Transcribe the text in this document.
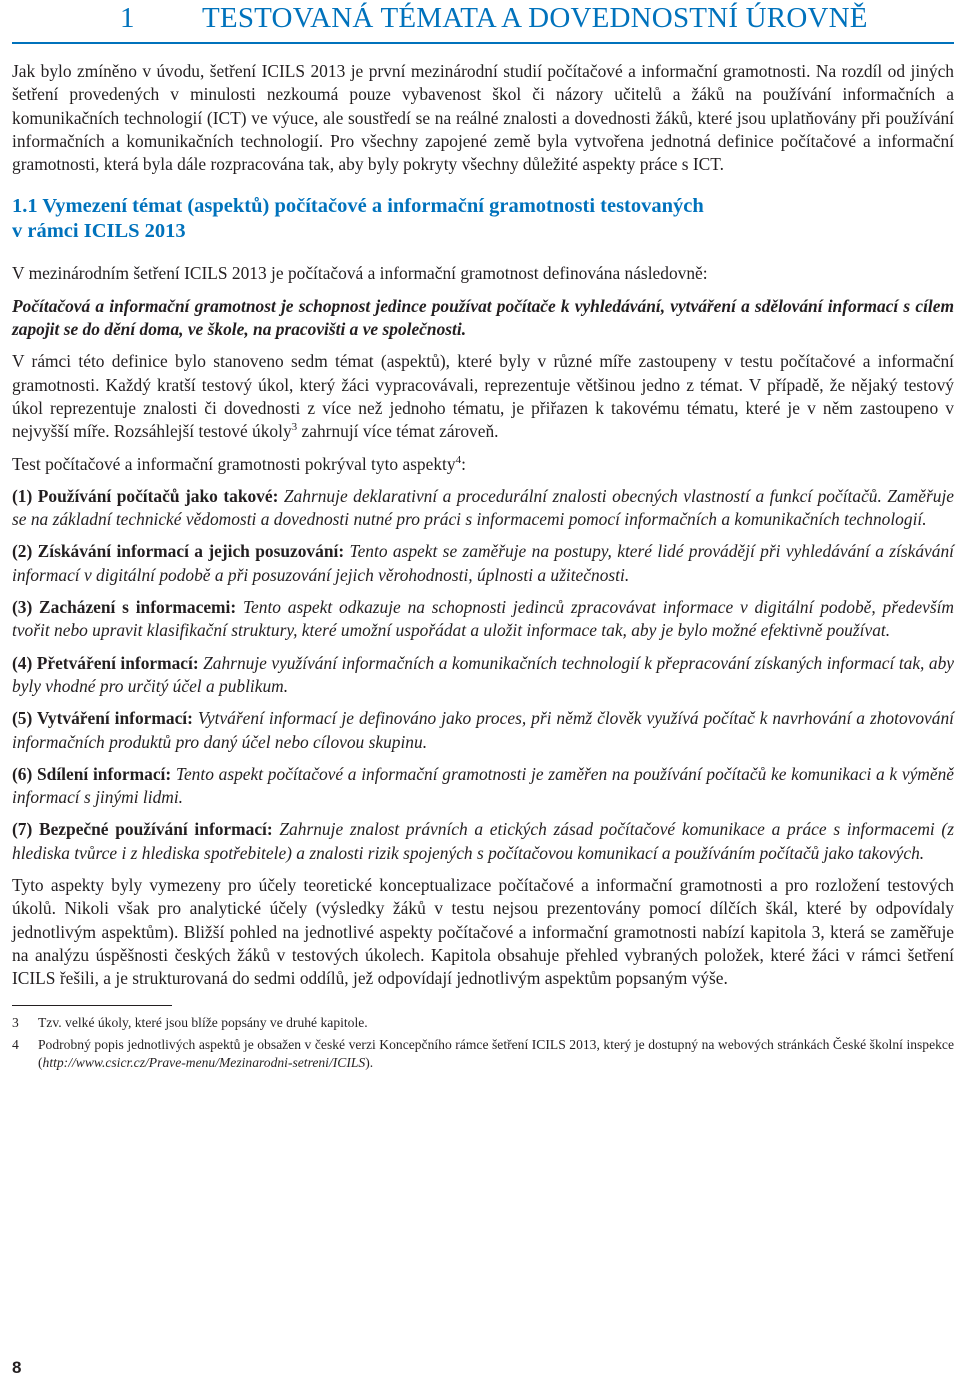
1	TESTOVANÁ TÉMATA A DOVEDNOSTNÍ ÚROVNĚ

Jak bylo zmíněno v úvodu, šetření ICILS 2013 je první mezinárodní studií počítačové a informační gramotnosti. Na rozdíl od jiných šetření provedených v minulosti nezkoumá pouze vybavenost škol či názory učitelů a žáků na používání informačních a komunikačních technologií (ICT) ve výuce, ale soustředí se na reálné znalosti a dovednosti žáků, které jsou uplatňovány při používání informačních a komunikačních technologií. Pro všechny zapojené země byla vytvořena jednotná definice počítačové a informační gramotnosti, která byla dále rozpracována tak, aby byly pokryty všechny důležité aspekty práce s ICT.

1.1 Vymezení témat (aspektů) počítačové a informační gramotnosti testovaných
v rámci ICILS 2013

V mezinárodním šetření ICILS 2013 je počítačová a informační gramotnost definována následovně:

Počítačová a informační gramotnost je schopnost jedince používat počítače k vyhledávání, vytváření a sdělování informací s cílem zapojit se do dění doma, ve škole, na pracovišti a ve společnosti.

V rámci této definice bylo stanoveno sedm témat (aspektů), které byly v různé míře zastoupeny v testu počítačové a informační gramotnosti. Každý kratší testový úkol, který žáci vypracovávali, reprezentuje většinou jedno z témat. V případě, že nějaký testový úkol reprezentuje znalosti či dovednosti z více než jednoho tématu, je přiřazen k takovému tématu, které je v něm zastoupeno v nejvyšší míře. Rozsáhlejší testové úkoly$^3$ zahrnují více témat zároveň.

Test počítačové a informační gramotnosti pokrýval tyto aspekty$^4$:

(1) Používání počítačů jako takové: Zahrnuje deklarativní a procedurální znalosti obecných vlastností a funkcí počítačů. Zaměřuje se na základní technické vědomosti a dovednosti nutné pro práci s informacemi pomocí informačních a komunikačních technologií.

(2) Získávání informací a jejich posuzování: Tento aspekt se zaměřuje na postupy, které lidé provádějí při vyhledávání a získávání informací v digitální podobě a při posuzování jejich věrohodnosti, úplnosti a užitečnosti.

(3) Zacházení s informacemi: Tento aspekt odkazuje na schopnosti jedinců zpracovávat informace v digitální podobě, především tvořit nebo upravit klasifikační struktury, které umožní uspořádat a uložit informace tak, aby je bylo možné efektivně používat.

(4) Přetváření informací: Zahrnuje využívání informačních a komunikačních technologií k přepracování získaných informací tak, aby byly vhodné pro určitý účel a publikum.

(5) Vytváření informací: Vytváření informací je definováno jako proces, při němž člověk využívá počítač k navrhování a zhotovování informačních produktů pro daný účel nebo cílovou skupinu.

(6) Sdílení informací: Tento aspekt počítačové a informační gramotnosti je zaměřen na používání počítačů ke komunikaci a k výměně informací s jinými lidmi.

(7) Bezpečné používání informací: Zahrnuje znalost právních a etických zásad počítačové komunikace a práce s informacemi (z hlediska tvůrce i z hlediska spotřebitele) a znalosti rizik spojených s počítačovou komunikací a používáním počítačů jako takových.

Tyto aspekty byly vymezeny pro účely teoretické konceptualizace počítačové a informační gramotnosti a pro rozložení testových úkolů. Nikoli však pro analytické účely (výsledky žáků v testu nejsou prezentovány pomocí dílčích škál, které by odpovídaly jednotlivým aspektům). Bližší pohled na jednotlivé aspekty počítačové a informační gramotnosti nabízí kapitola 3, která se zaměřuje na analýzu úspěšnosti českých žáků v testových úkolech. Kapitola obsahuje přehled vybraných položek, které žáci v rámci šetření ICILS řešili, a je strukturovaná do sedmi oddílů, jež odpovídají jednotlivým aspektům popsaným výše.

3	Tzv. velké úkoly, které jsou blíže popsány ve druhé kapitole.
4	Podrobný popis jednotlivých aspektů je obsažen v české verzi Koncepčního rámce šetření ICILS 2013, který je dostupný na webových stránkách České školní inspekce (http://www.csicr.cz/Prave-menu/Mezinarodni-setreni/ICILS).
8
